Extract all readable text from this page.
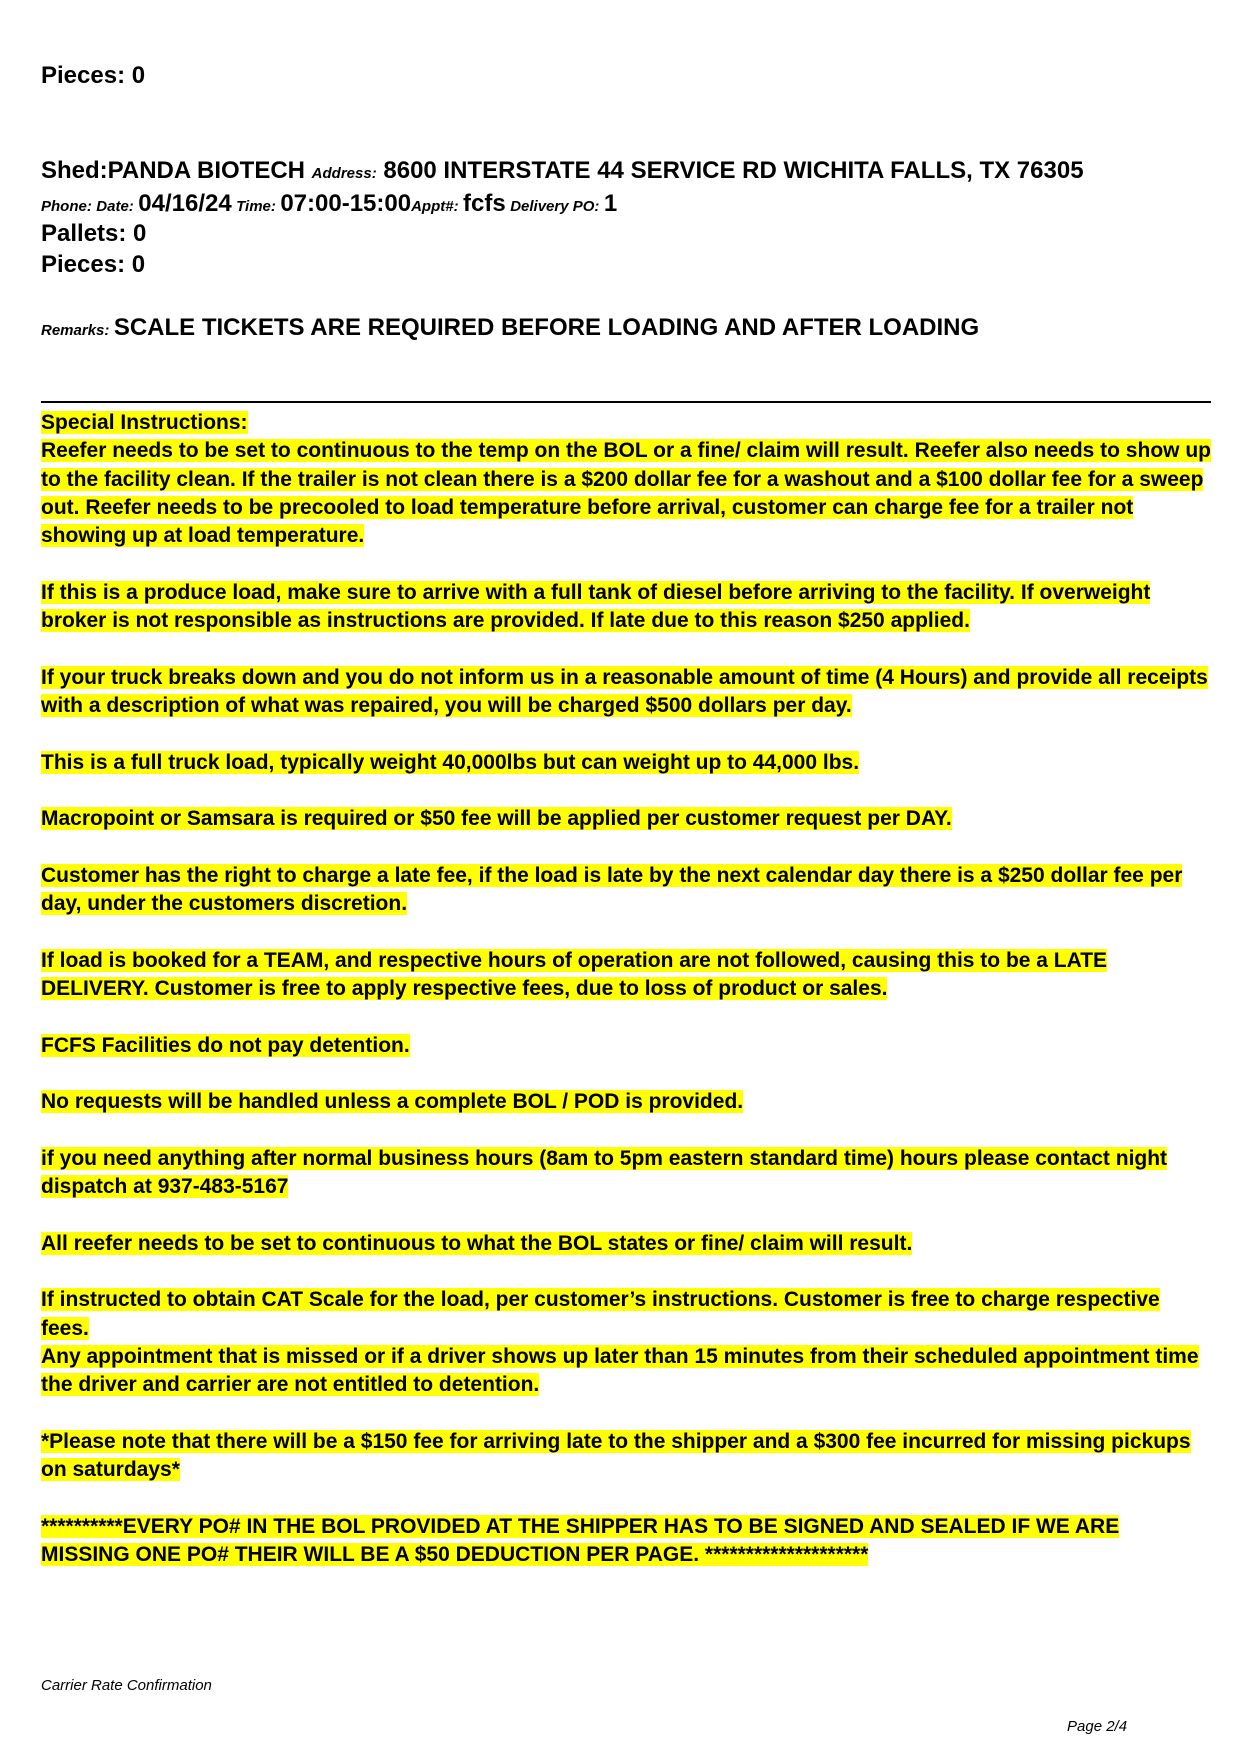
Pieces: 0
Shed:PANDA BIOTECH Address: 8600 INTERSTATE 44 SERVICE RD WICHITA FALLS, TX 76305
Phone: Date: 04/16/24 Time: 07:00-15:00Appt#: fcfs Delivery PO: 1
Pallets: 0
Pieces: 0
Remarks: SCALE TICKETS ARE REQUIRED BEFORE LOADING AND AFTER LOADING

Special Instructions:

Reefer needs to be set to continuous to the temp on the BOL or a fine/ claim will result. Reefer also needs to show up to the facility clean. If the trailer is not clean there is a $200 dollar fee for a washout and a $100 dollar fee for a sweep out. Reefer needs to be precooled to load temperature before arrival, customer can charge fee for a trailer not showing up at load temperature.

If this is a produce load, make sure to arrive with a full tank of diesel before arriving to the facility. If overweight broker is not responsible as instructions are provided. If late due to this reason $250 applied.

If your truck breaks down and you do not inform us in a reasonable amount of time (4 Hours) and provide all receipts with a description of what was repaired, you will be charged $500 dollars per day.

This is a full truck load, typically weight 40,000lbs but can weight up to 44,000 lbs.

Macropoint or Samsara is required or $50 fee will be applied per customer request per DAY.

Customer has the right to charge a late fee, if the load is late by the next calendar day there is a $250 dollar fee per day, under the customers discretion.

If load is booked for a TEAM, and respective hours of operation are not followed, causing this to be a LATE DELIVERY. Customer is free to apply respective fees, due to loss of product or sales.

FCFS Facilities do not pay detention.

No requests will be handled unless a complete BOL / POD is provided.

if you need anything after normal business hours (8am to 5pm eastern standard time) hours please contact night dispatch at 937-483-5167

All reefer needs to be set to continuous to what the BOL states or fine/ claim will result.

If instructed to obtain CAT Scale for the load, per customer’s instructions. Customer is free to charge respective fees.

Any appointment that is missed or if a driver shows up later than 15 minutes from their scheduled appointment time the driver and carrier are not entitled to detention.

*Please note that there will be a $150 fee for arriving late to the shipper and a $300 fee incurred for missing pickups on saturdays*

**********EVERY PO# IN THE BOL PROVIDED AT THE SHIPPER HAS TO BE SIGNED AND SEALED IF WE ARE MISSING ONE PO# THEIR WILL BE A $50 DEDUCTION PER PAGE. ********************

Carrier Rate Confirmation
Page 2/4
